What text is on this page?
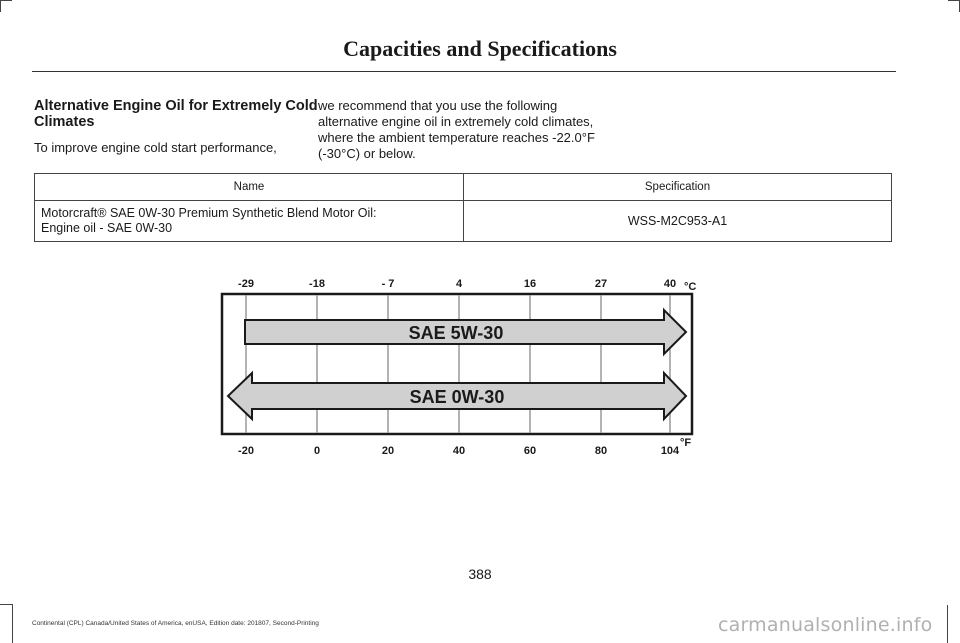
Capacities and Specifications
Alternative Engine Oil for Extremely Cold Climates
To improve engine cold start performance,
we recommend that you use the following alternative engine oil in extremely cold climates, where the ambient temperature reaches -22.0°F (-30°C) or below.
Name	Specification

Motorcraft® SAE 0W-30 Premium Synthetic Blend Motor Oil:
Engine oil - SAE 0W-30	WSS-M2C953-A1
SAE 5W-30
SAE 0W-30
-29
-20
-18
0
- 7
20
4
40
16
60
27
80
40
104
°C
°F
388
Continental (CPL) Canada/United States of America, enUSA, Edition date: 201807, Second-Printing	carmanualsonline.info
